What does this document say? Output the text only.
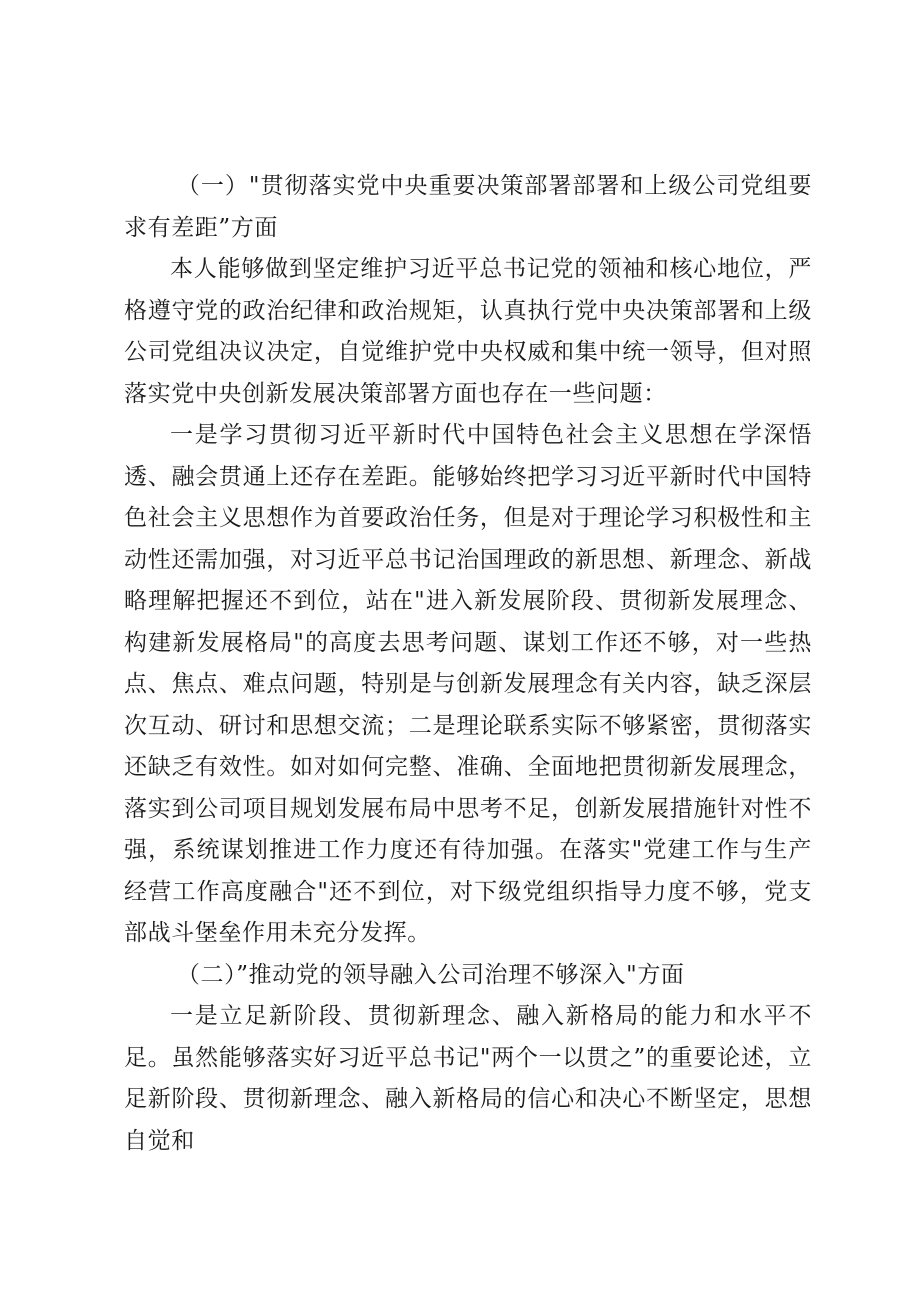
（一）"贯彻落实党中央重要决策部署部署和上级公司党组要求有差距”方面

本人能够做到坚定维护习近平总书记党的领袖和核心地位，严格遵守党的政治纪律和政治规矩，认真执行党中央决策部署和上级公司党组决议决定，自觉维护党中央权威和集中统一领导，但对照落实党中央创新发展决策部署方面也存在一些问题：

一是学习贯彻习近平新时代中国特色社会主义思想在学深悟透、融会贯通上还存在差距。能够始终把学习习近平新时代中国特色社会主义思想作为首要政治任务，但是对于理论学习积极性和主动性还需加强，对习近平总书记治国理政的新思想、新理念、新战略理解把握还不到位，站在"进入新发展阶段、贯彻新发展理念、构建新发展格局"的高度去思考问题、谋划工作还不够，对一些热点、焦点、难点问题，特别是与创新发展理念有关内容，缺乏深层次互动、研讨和思想交流；二是理论联系实际不够紧密，贯彻落实还缺乏有效性。如对如何完整、准确、全面地把贯彻新发展理念，落实到公司项目规划发展布局中思考不足，创新发展措施针对性不强，系统谋划推进工作力度还有待加强。在落实"党建工作与生产经营工作高度融合"还不到位，对下级党组织指导力度不够，党支部战斗堡垒作用未充分发挥。

（二）”推动党的领导融入公司治理不够深入"方面

一是立足新阶段、贯彻新理念、融入新格局的能力和水平不足。虽然能够落实好习近平总书记"两个一以贯之”的重要论述，立足新阶段、贯彻新理念、融入新格局的信心和决心不断坚定，思想自觉和
